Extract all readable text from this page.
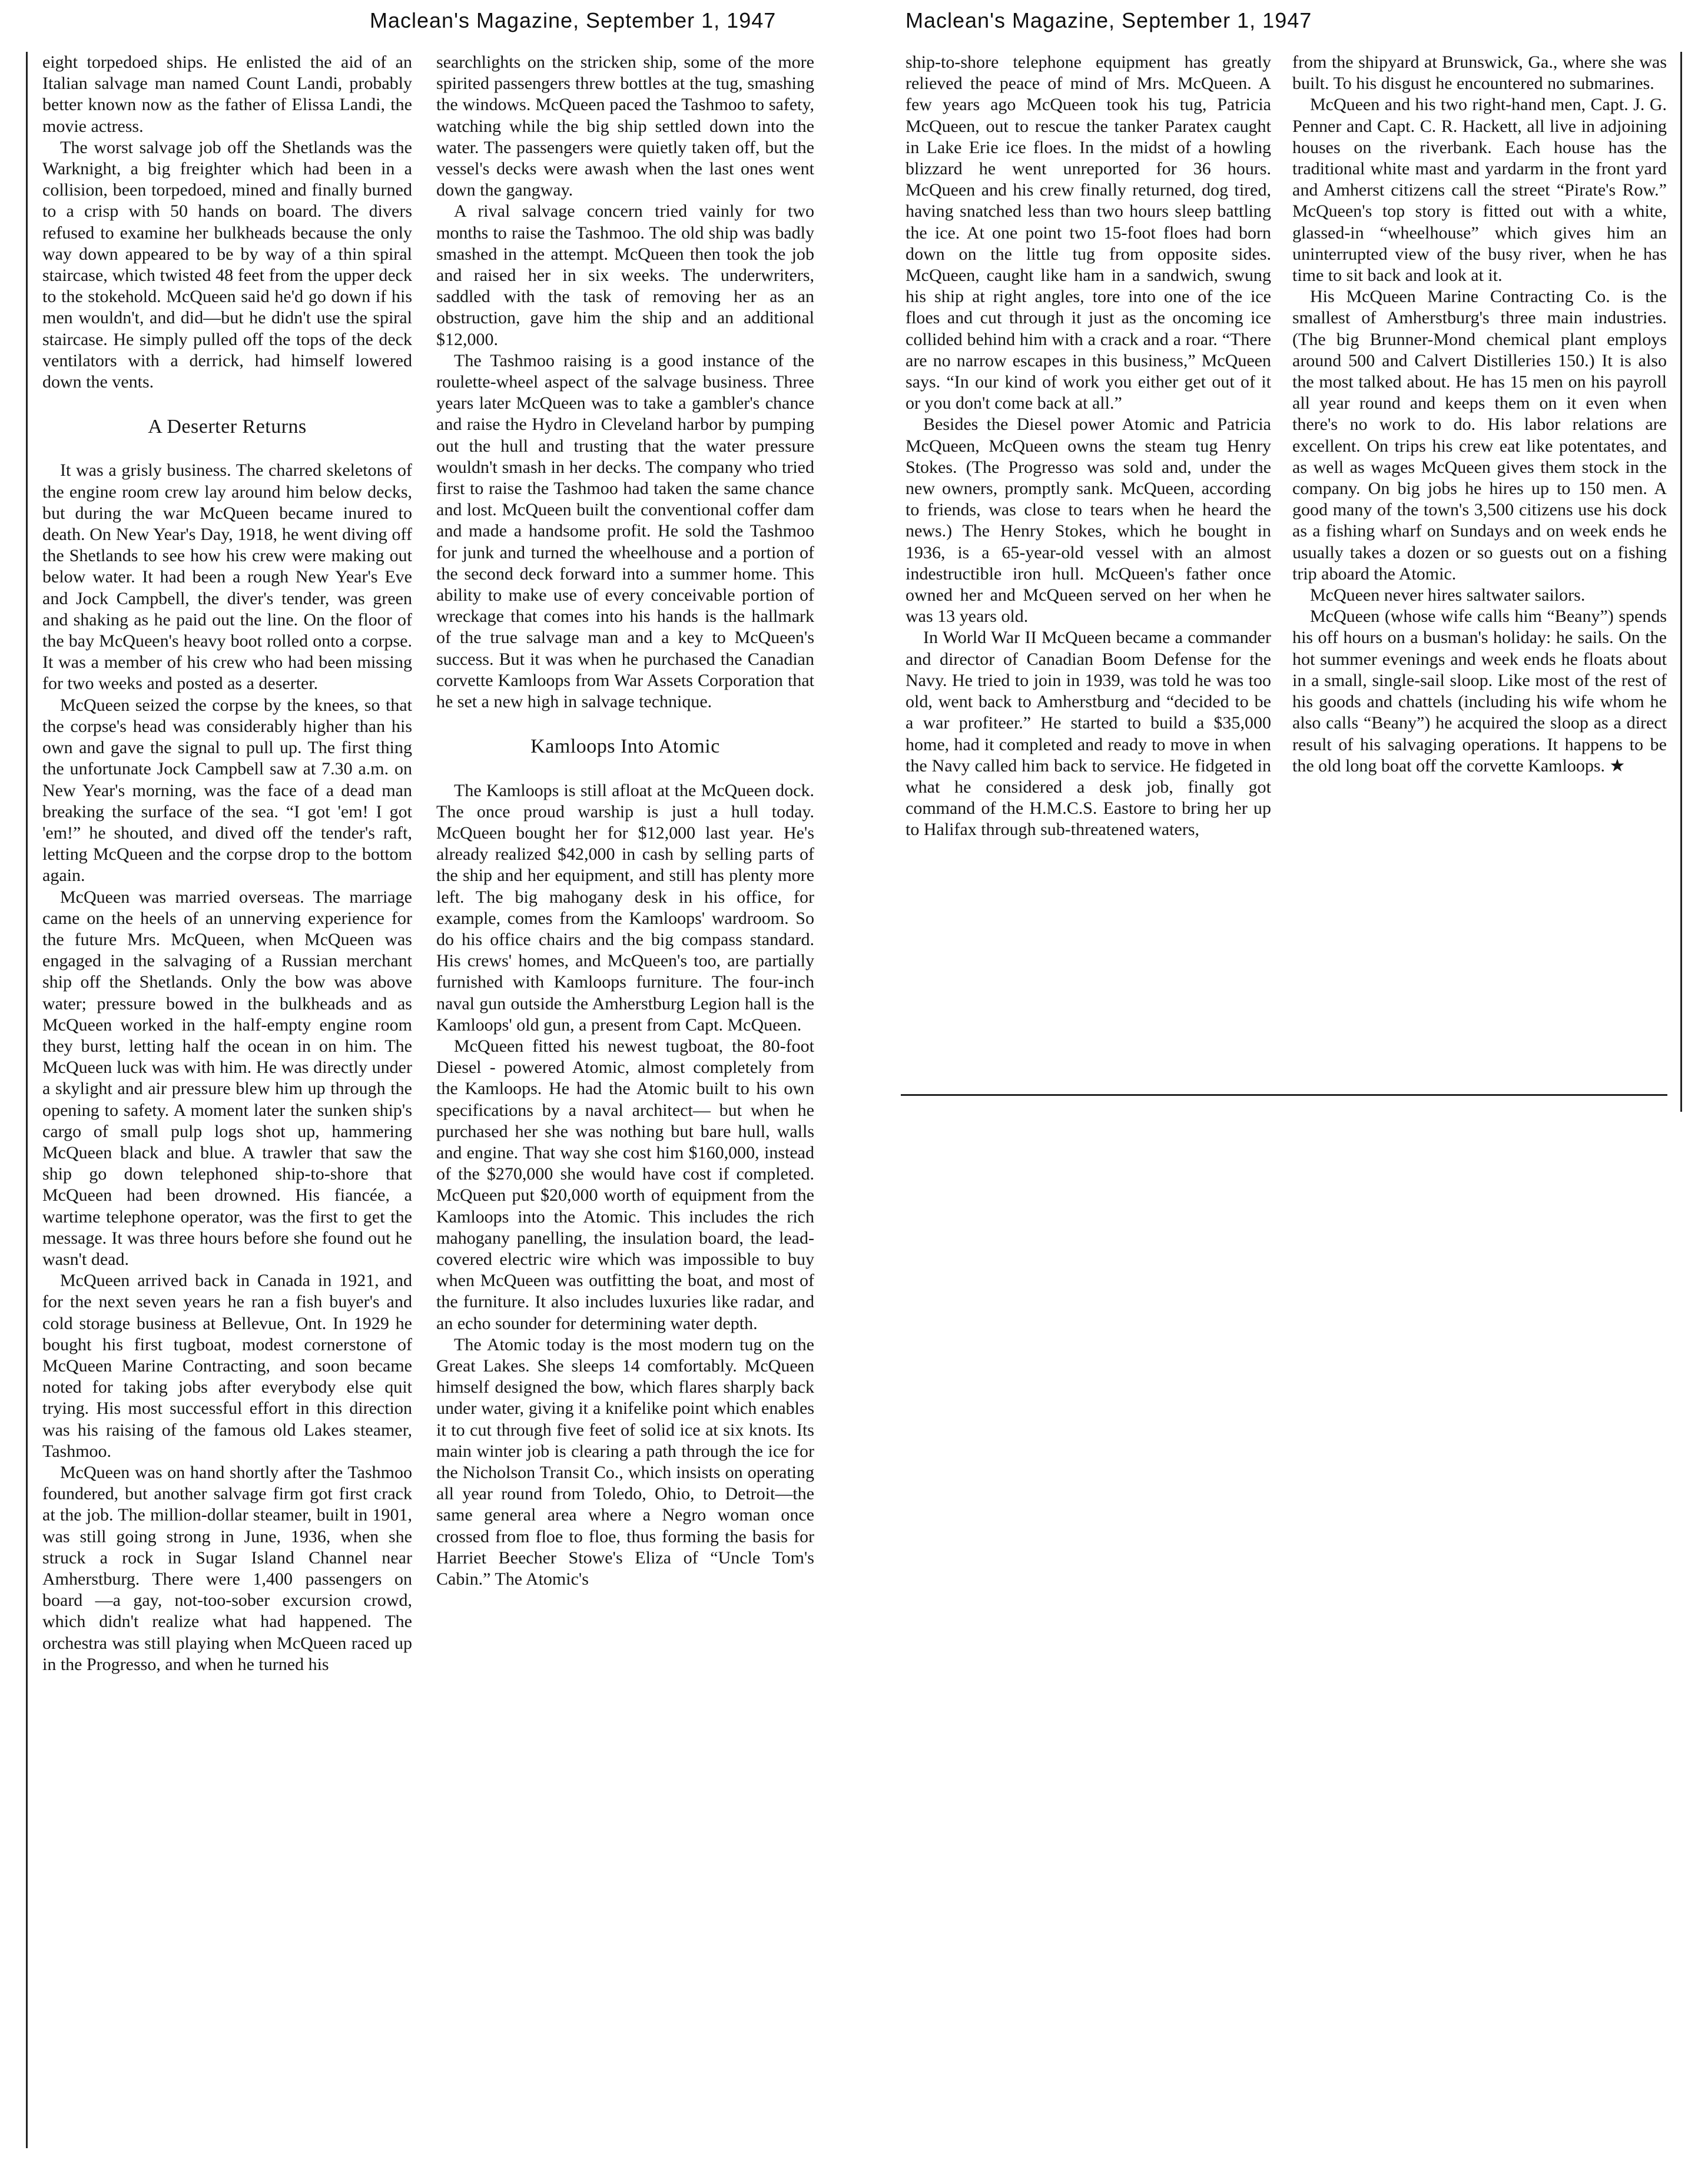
Maclean's Magazine, September 1, 1947

eight torpedoed ships. He enlisted the aid of an Italian salvage man named Count Landi, probably better known now as the father of Elissa Landi, the movie actress.

The worst salvage job off the Shetlands was the Warknight, a big freighter which had been in a collision, been torpedoed, mined and finally burned to a crisp with 50 hands on board. The divers refused to examine her bulkheads because the only way down appeared to be by way of a thin spiral staircase, which twisted 48 feet from the upper deck to the stokehold. McQueen said he'd go down if his men wouldn't, and did—but he didn't use the spiral staircase. He simply pulled off the tops of the deck ventilators with a derrick, had himself lowered down the vents.

A Deserter Returns

It was a grisly business. The charred skeletons of the engine room crew lay around him below decks, but during the war McQueen became inured to death. On New Year's Day, 1918, he went diving off the Shetlands to see how his crew were making out below water. It had been a rough New Year's Eve and Jock Campbell, the diver's tender, was green and shaking as he paid out the line. On the floor of the bay McQueen's heavy boot rolled onto a corpse. It was a member of his crew who had been missing for two weeks and posted as a deserter.

McQueen seized the corpse by the knees, so that the corpse's head was considerably higher than his own and gave the signal to pull up. The first thing the unfortunate Jock Campbell saw at 7.30 a.m. on New Year's morning, was the face of a dead man breaking the surface of the sea. “I got 'em! I got 'em!” he shouted, and dived off the tender's raft, letting McQueen and the corpse drop to the bottom again.

McQueen was married overseas. The marriage came on the heels of an unnerving experience for the future Mrs. McQueen, when McQueen was engaged in the salvaging of a Russian merchant ship off the Shetlands. Only the bow was above water; pressure bowed in the bulkheads and as McQueen worked in the half-empty engine room they burst, letting half the ocean in on him. The McQueen luck was with him. He was directly under a skylight and air pressure blew him up through the opening to safety. A moment later the sunken ship's cargo of small pulp logs shot up, hammering McQueen black and blue. A trawler that saw the ship go down telephoned ship-to-shore that McQueen had been drowned. His fiancée, a wartime telephone operator, was the first to get the message. It was three hours before she found out he wasn't dead.

McQueen arrived back in Canada in 1921, and for the next seven years he ran a fish buyer's and cold storage business at Bellevue, Ont. In 1929 he bought his first tugboat, modest cornerstone of McQueen Marine Contracting, and soon became noted for taking jobs after everybody else quit trying. His most successful effort in this direction was his raising of the famous old Lakes steamer, Tashmoo.

McQueen was on hand shortly after the Tashmoo foundered, but another salvage firm got first crack at the job. The million-dollar steamer, built in 1901, was still going strong in June, 1936, when she struck a rock in Sugar Island Channel near Amherstburg. There were 1,400 passengers on board —a gay, not-too-sober excursion crowd, which didn't realize what had happened. The orchestra was still playing when McQueen raced up in the Progresso, and when he turned his

searchlights on the stricken ship, some of the more spirited passengers threw bottles at the tug, smashing the windows. McQueen paced the Tashmoo to safety, watching while the big ship settled down into the water. The passengers were quietly taken off, but the vessel's decks were awash when the last ones went down the gangway.

A rival salvage concern tried vainly for two months to raise the Tashmoo. The old ship was badly smashed in the attempt. McQueen then took the job and raised her in six weeks. The underwriters, saddled with the task of removing her as an obstruction, gave him the ship and an additional $12,000.

The Tashmoo raising is a good instance of the roulette-wheel aspect of the salvage business. Three years later McQueen was to take a gambler's chance and raise the Hydro in Cleveland harbor by pumping out the hull and trusting that the water pressure wouldn't smash in her decks. The company who tried first to raise the Tashmoo had taken the same chance and lost. McQueen built the conventional coffer dam and made a handsome profit. He sold the Tashmoo for junk and turned the wheelhouse and a portion of the second deck forward into a summer home. This ability to make use of every conceivable portion of wreckage that comes into his hands is the hallmark of the true salvage man and a key to McQueen's success. But it was when he purchased the Canadian corvette Kamloops from War Assets Corporation that he set a new high in salvage technique.

Kamloops Into Atomic

The Kamloops is still afloat at the McQueen dock. The once proud warship is just a hull today. McQueen bought her for $12,000 last year. He's already realized $42,000 in cash by selling parts of the ship and her equipment, and still has plenty more left. The big mahogany desk in his office, for example, comes from the Kamloops' wardroom. So do his office chairs and the big compass standard. His crews' homes, and McQueen's too, are partially furnished with Kamloops furniture. The four-inch naval gun outside the Amherstburg Legion hall is the Kamloops' old gun, a present from Capt. McQueen.

McQueen fitted his newest tugboat, the 80-foot Diesel - powered Atomic, almost completely from the Kamloops. He had the Atomic built to his own specifications by a naval architect— but when he purchased her she was nothing but bare hull, walls and engine. That way she cost him $160,000, instead of the $270,000 she would have cost if completed. McQueen put $20,000 worth of equipment from the Kamloops into the Atomic. This includes the rich mahogany panelling, the insulation board, the lead-covered electric wire which was impossible to buy when McQueen was outfitting the boat, and most of the furniture. It also includes luxuries like radar, and an echo sounder for determining water depth.

The Atomic today is the most modern tug on the Great Lakes. She sleeps 14 comfortably. McQueen himself designed the bow, which flares sharply back under water, giving it a knifelike point which enables it to cut through five feet of solid ice at six knots. Its main winter job is clearing a path through the ice for the Nicholson Transit Co., which insists on operating all year round from Toledo, Ohio, to Detroit—the same general area where a Negro woman once crossed from floe to floe, thus forming the basis for Harriet Beecher Stowe's Eliza of “Uncle Tom's Cabin.” The Atomic's

Maclean's Magazine, September 1, 1947

ship-to-shore telephone equipment has greatly relieved the peace of mind of Mrs. McQueen. A few years ago McQueen took his tug, Patricia McQueen, out to rescue the tanker Paratex caught in Lake Erie ice floes. In the midst of a howling blizzard he went unreported for 36 hours. McQueen and his crew finally returned, dog tired, having snatched less than two hours sleep battling the ice. At one point two 15-foot floes had born down on the little tug from opposite sides. McQueen, caught like ham in a sandwich, swung his ship at right angles, tore into one of the ice floes and cut through it just as the oncoming ice collided behind him with a crack and a roar. “There are no narrow escapes in this business,” McQueen says. “In our kind of work you either get out of it or you don't come back at all.”

Besides the Diesel power Atomic and Patricia McQueen, McQueen owns the steam tug Henry Stokes. (The Progresso was sold and, under the new owners, promptly sank. McQueen, according to friends, was close to tears when he heard the news.) The Henry Stokes, which he bought in 1936, is a 65-year-old vessel with an almost indestructible iron hull. McQueen's father once owned her and McQueen served on her when he was 13 years old.

In World War II McQueen became a commander and director of Canadian Boom Defense for the Navy. He tried to join in 1939, was told he was too old, went back to Amherstburg and “decided to be a war profiteer.” He started to build a $35,000 home, had it completed and ready to move in when the Navy called him back to service. He fidgeted in what he considered a desk job, finally got command of the H.M.C.S. Eastore to bring her up to Halifax through sub-threatened waters,

from the shipyard at Brunswick, Ga., where she was built. To his disgust he encountered no submarines.

McQueen and his two right-hand men, Capt. J. G. Penner and Capt. C. R. Hackett, all live in adjoining houses on the riverbank. Each house has the traditional white mast and yardarm in the front yard and Amherst citizens call the street “Pirate's Row.” McQueen's top story is fitted out with a white, glassed-in “wheelhouse” which gives him an uninterrupted view of the busy river, when he has time to sit back and look at it.

His McQueen Marine Contracting Co. is the smallest of Amherstburg's three main industries. (The big Brunner-Mond chemical plant employs around 500 and Calvert Distilleries 150.) It is also the most talked about. He has 15 men on his payroll all year round and keeps them on it even when there's no work to do. His labor relations are excellent. On trips his crew eat like potentates, and as well as wages McQueen gives them stock in the company. On big jobs he hires up to 150 men. A good many of the town's 3,500 citizens use his dock as a fishing wharf on Sundays and on week ends he usually takes a dozen or so guests out on a fishing trip aboard the Atomic.

McQueen never hires saltwater sailors.

McQueen (whose wife calls him “Beany”) spends his off hours on a busman's holiday: he sails. On the hot summer evenings and week ends he floats about in a small, single-sail sloop. Like most of the rest of his goods and chattels (including his wife whom he also calls “Beany”) he acquired the sloop as a direct result of his salvaging operations. It happens to be the old long boat off the corvette Kamloops. ★
